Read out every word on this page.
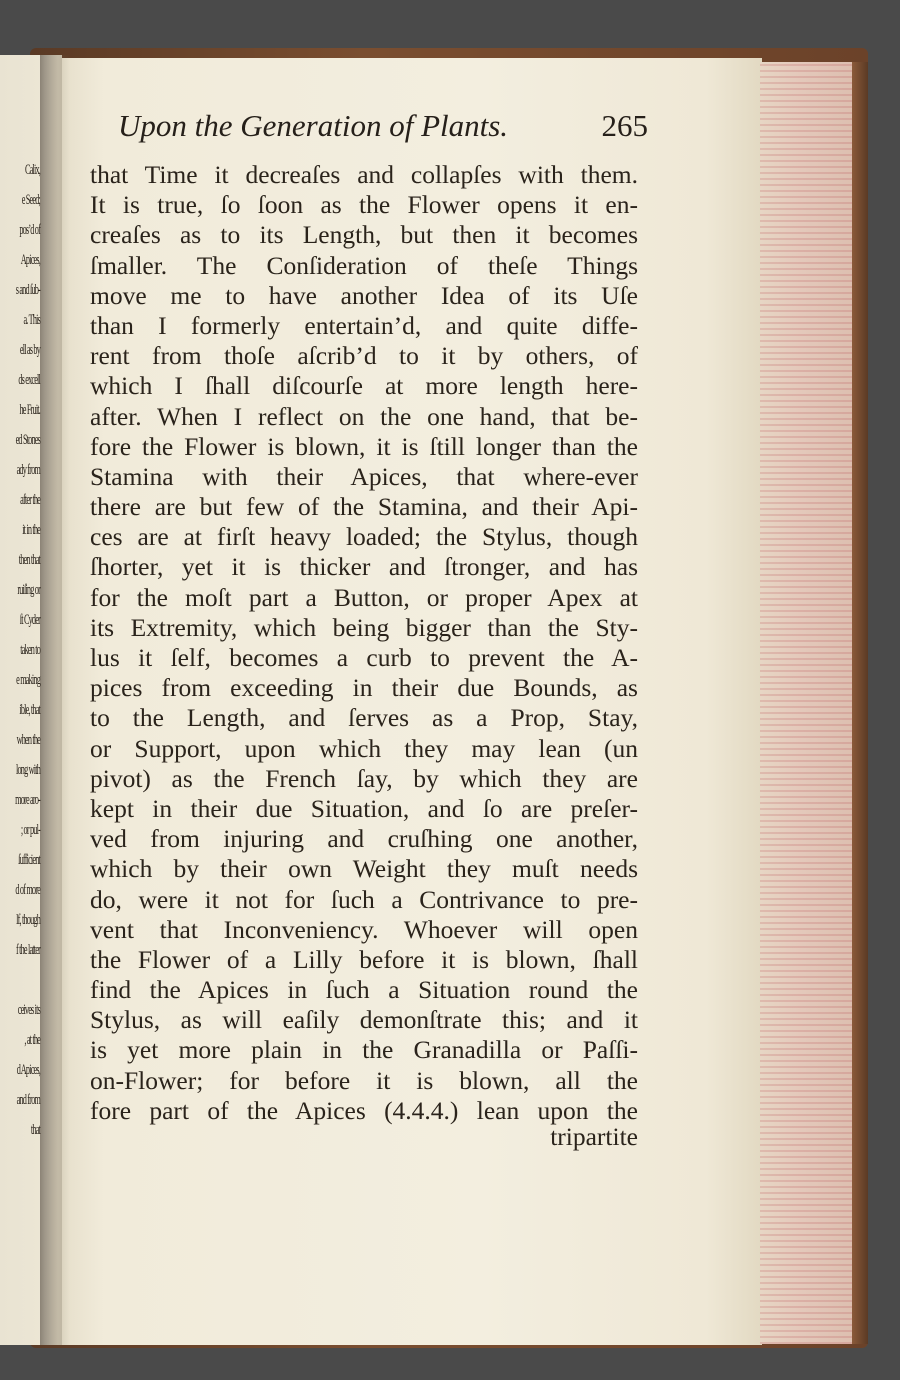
Calix,
e Seed;
pos’d of
Apices,
s and ſub-
a. This
ell as by
ds excell
he Fruit.
ed Stones
ady from
after the
it in the
then that
ruiſing or
ſt Cyder
taken to
e making
ible, that
when the
long with
more aro-
; or pul-
ſufficient
d of more
lf, though
f the latter
ceives its
, at the
d Apices,
and from
that
Upon the Generation of Plants.	265
that Time it decreaſes and collapſes with them.
It is true, ſo ſoon as the Flower opens it en-
creaſes as to its Length, but then it becomes
ſmaller. The Conſideration of theſe Things
move me to have another Idea of its Uſe
than I formerly entertain’d, and quite diffe-
rent from thoſe aſcrib’d to it by others, of
which I ſhall diſcourſe at more length here-
after. When I reflect on the one hand, that be-
fore the Flower is blown, it is ſtill longer than the
Stamina with their Apices, that where-ever
there are but few of the Stamina, and their Api-
ces are at firſt heavy loaded; the Stylus, though
ſhorter, yet it is thicker and ſtronger, and has
for the moſt part a Button, or proper Apex at
its Extremity, which being bigger than the Sty-
lus it ſelf, becomes a curb to prevent the A-
pices from exceeding in their due Bounds, as
to the Length, and ſerves as a Prop, Stay,
or Support, upon which they may lean (un
pivot) as the French ſay, by which they are
kept in their due Situation, and ſo are preſer-
ved from injuring and cruſhing one another,
which by their own Weight they muſt needs
do, were it not for ſuch a Contrivance to pre-
vent that Inconveniency. Whoever will open
the Flower of a Lilly before it is blown, ſhall
find the Apices in ſuch a Situation round the
Stylus, as will eaſily demonſtrate this; and it
is yet more plain in the Granadilla or Paſſi-
on-Flower; for before it is blown, all the
fore part of the Apices (4.4.4.) lean upon the
tripartite
